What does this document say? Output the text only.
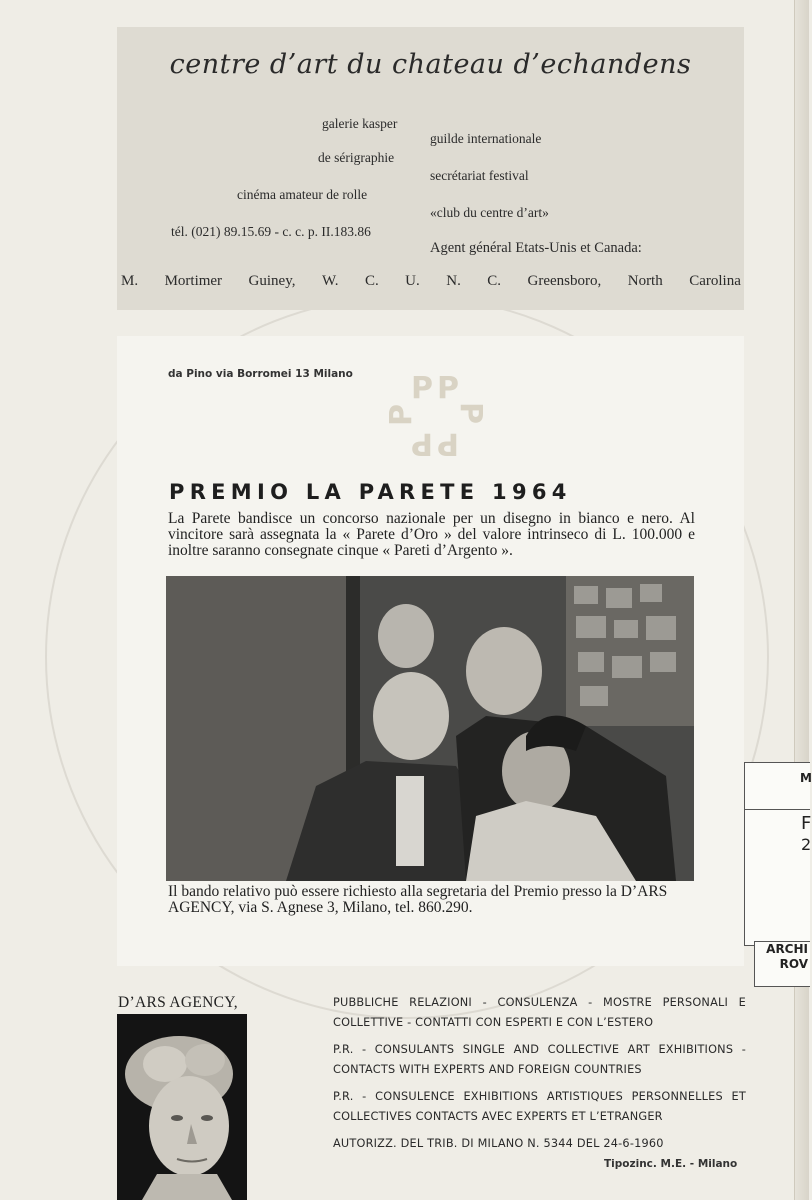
centre d’art du chateau d’echandens
galerie kasper
guilde internationale
de sérigraphie
secrétariat festival
cinéma amateur de rolle
«club du centre d’art»
tél. (021) 89.15.69 - c. c. p. II.183.86
Agent général Etats-Unis et Canada:
M. Mortimer Guiney, W. C. U. N. C. Greensboro, North Carolina
da Pino via Borromei 13 Milano P P
P P
P P
PREMIO LA PARETE 1964
La Parete bandisce un concorso nazionale per un disegno in bianco e nero. Al vincitore sarà assegnata la « Parete d’Oro » del valore intrinseco di L. 100.000 e inoltre saranno consegnate cinque « Pareti d’Argento ».
Il bando relativo può essere richiesto alla segretaria del Premio presso la D’ARS AGENCY, via S. Agnese 3, Milano, tel. 860.290.
D’ARS AGENCY,	PUBBLICHE RELAZIONI - CONSULENZA - MOSTRE PERSONALI E COLLETTIVE - CONTATTI CON ESPERTI E CON L’ESTERO

P.R. - CONSULANTS SINGLE AND COLLECTIVE ART EXHIBITIONS - CONTACTS WITH EXPERTS AND FOREIGN COUNTRIES

P.R. - CONSULENCE EXHIBITIONS ARTISTIQUES PERSONNELLES ET COLLECTIVES CONTACTS AVEC EXPERTS ET L’ETRANGER

AUTORIZZ. DEL TRIB. DI MILANO N. 5344 DEL 24-6-1960

Tipozinc. M.E. - Milano
M
F
2
ARCHI
ROV
